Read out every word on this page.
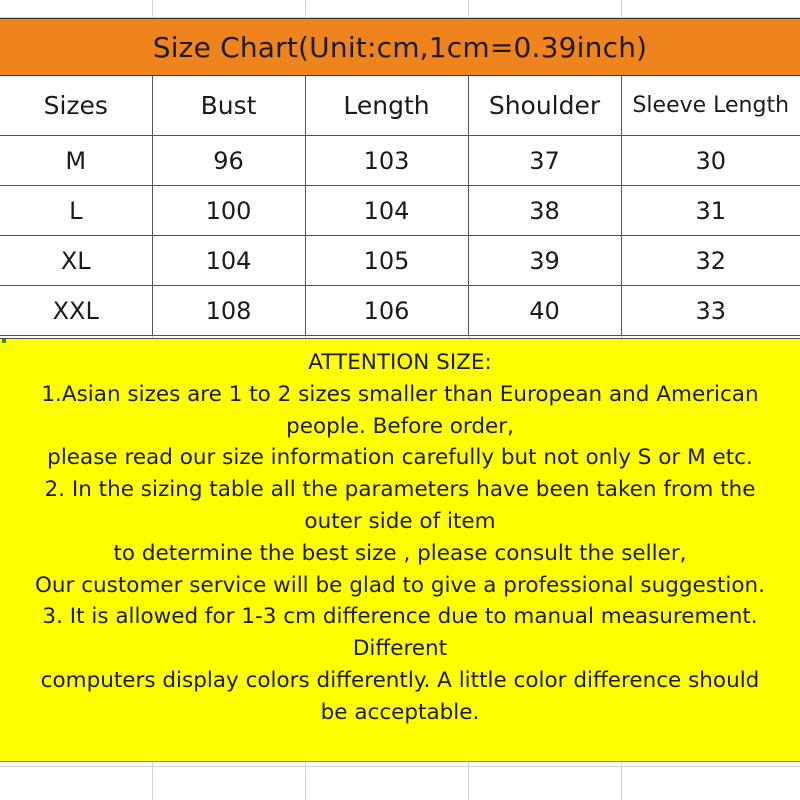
Size Chart(Unit:cm,1cm=0.39inch)
Sizes	Bust	Length	Shoulder	Sleeve Length
M	96	103	37	30
L	100	104	38	31
XL	104	105	39	32
XXL	108	106	40	33
ATTENTION SIZE:
1.Asian sizes are 1 to 2 sizes smaller than European and American
people. Before order,
please read our size information carefully but not only S or M etc.
2. In the sizing table all the parameters have been taken from the
outer side of item
to determine the best size , please consult the seller,
Our customer service will be glad to give a professional suggestion.
3. It is allowed for 1-3 cm difference due to manual measurement.
Different
computers display colors differently. A little color difference should
be acceptable.
